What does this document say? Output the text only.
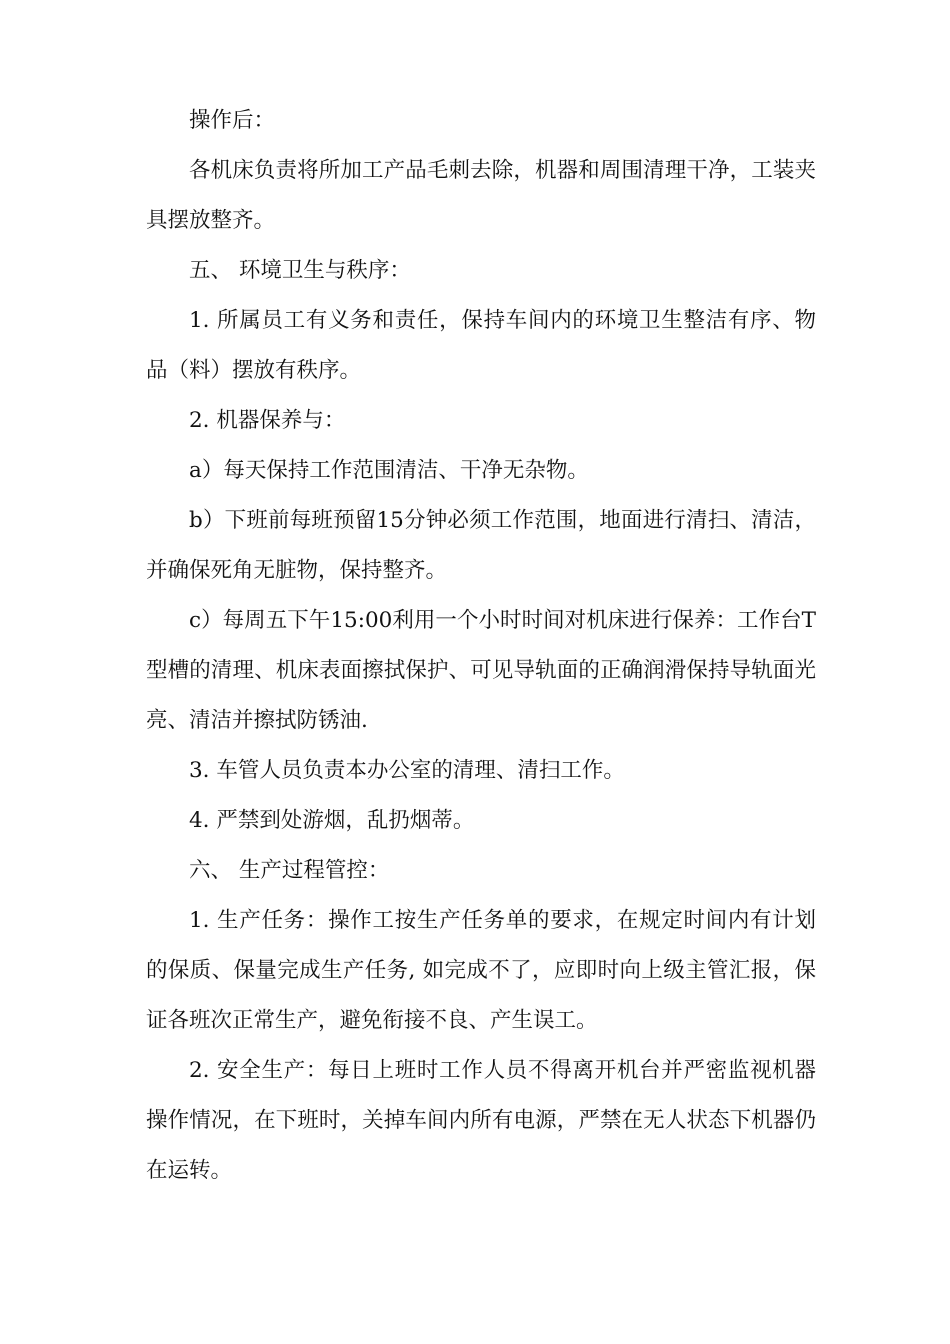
操作后：

各机床负责将所加工产品毛刺去除，机器和周围清理干净，工装夹具摆放整齐。

五、 环境卫生与秩序：

1. 所属员工有义务和责任，保持车间内的环境卫生整洁有序、物品（料）摆放有秩序。

2. 机器保养与：

a）每天保持工作范围清洁、干净无杂物。

b）下班前每班预留15分钟必须工作范围，地面进行清扫、清洁，并确保死角无脏物，保持整齐。

c）每周五下午15:00利用一个小时时间对机床进行保养：工作台T型槽的清理、机床表面擦拭保护、可见导轨面的正确润滑保持导轨面光亮、清洁并擦拭防锈油.

3. 车管人员负责本办公室的清理、清扫工作。

4. 严禁到处游烟，乱扔烟蒂。

六、 生产过程管控：

1. 生产任务：操作工按生产任务单的要求，在规定时间内有计划的保质、保量完成生产任务, 如完成不了，应即时向上级主管汇报，保证各班次正常生产，避免衔接不良、产生误工。

2. 安全生产：每日上班时工作人员不得离开机台并严密监视机器操作情况，在下班时，关掉车间内所有电源，严禁在无人状态下机器仍在运转。
